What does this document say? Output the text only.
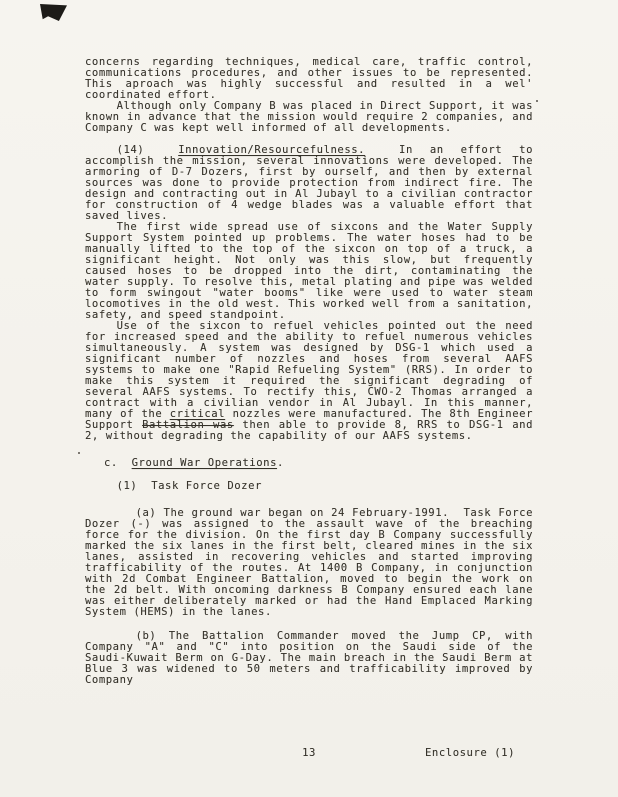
concerns regarding techniques, medical care, traffic control, communications procedures, and other issues to be represented. This aproach was highly successful and resulted in a wel' coordinated effort.

Although only Company B was placed in Direct Support, it was known in advance that the mission would require 2 companies, and Company C was kept well informed of all developments.

(14)  Innovation/Resourcefulness.  In an effort to accomplish the mission, several innovations were developed. The armoring of D-7 Dozers, first by ourself, and then by external sources was done to provide protection from indirect fire. The design and contracting out in Al Jubayl to a civilian contractor for construction of 4 wedge blades was a valuable effort that saved lives.

The first wide spread use of sixcons and the Water Supply Support System pointed up problems. The water hoses had to be manually lifted to the top of the sixcon on top of a truck, a significant height. Not only was this slow, but frequently caused hoses to be dropped into the dirt, contaminating the water supply. To resolve this, metal plating and pipe was welded to form swingout "water booms" like were used to water steam locomotives in the old west. This worked well from a sanitation, safety, and speed standpoint.

Use of the sixcon to refuel vehicles pointed out the need for increased speed and the ability to refuel numerous vehicles simultaneously. A system was designed by DSG-1 which used a significant number of nozzles and hoses from several AAFS systems to make one "Rapid Refueling System" (RRS). In order to make this system it required the significant degrading of several AAFS systems. To rectify this, CWO-2 Thomas arranged a contract with a civilian vendor in Al Jubayl. In this manner, many of the critical nozzles were manufactured. The 8th Engineer Support Battalion was then able to provide 8, RRS to DSG-1 and 2, without degrading the capability of our AAFS systems.

c.  Ground War Operations.

(1)  Task Force Dozer

(a) The ground war began on 24 February-1991.  Task Force Dozer (-) was assigned to the assault wave of the breaching force for the division. On the first day B Company successfully marked the six lanes in the first belt, cleared mines in the six lanes, assisted in recovering vehicles and started improving trafficability of the routes. At 1400 B Company, in conjunction with 2d Combat Engineer Battalion, moved to begin the work on the 2d belt. With oncoming darkness B Company ensured each lane was either deliberately marked or had the Hand Emplaced Marking System (HEMS) in the lanes.

(b) The Battalion Commander moved the Jump CP, with Company "A" and "C" into position on the Saudi side of the Saudi-Kuwait Berm on G-Day. The main breach in the Saudi Berm at Blue 3 was widened to 50 meters and trafficability improved by Company

13	Enclosure (1)
